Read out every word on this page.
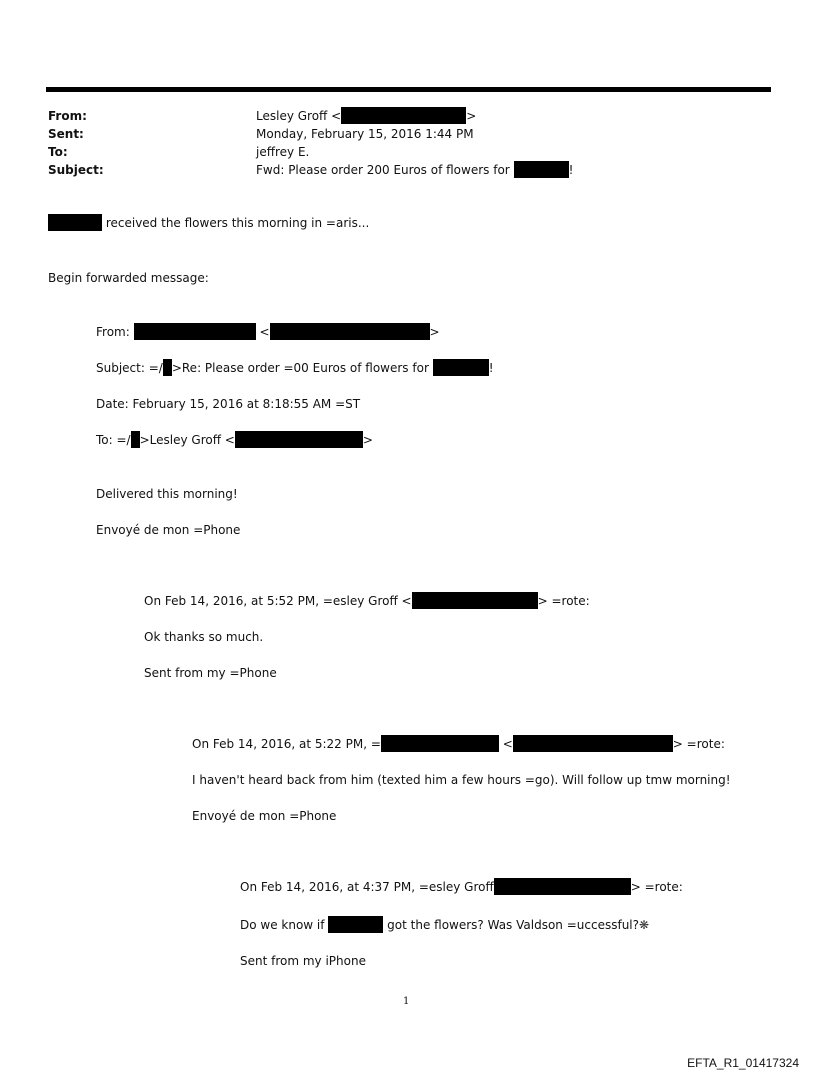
From:	Lesley Groff <	>
Sent:	Monday, February 15, 2016 1:44 PM
To:	jeffrey E.
Subject:	Fwd: Please order 200 Euros of flowers for	!
received the flowers this morning in =aris...
Begin forwarded message:
From:	<	>
Subject: =/ >Re: Please order =00 Euros of flowers for	!
Date: February 15, 2016 at 8:18:55 AM =ST
To: =/ >Lesley Groff <	>
Delivered this morning!
Envoyé de mon =Phone
On Feb 14, 2016, at 5:52 PM, =esley Groff <	> =rote:
Ok thanks so much.
Sent from my =Phone
On Feb 14, 2016, at 5:22 PM, =	<	> =rote:
I haven't heard back from him (texted him a few hours =go). Will follow up tmw morning!
Envoyé de mon =Phone
On Feb 14, 2016, at 4:37 PM, =esley Groff	> =rote:
Do we know if	got the flowers? Was Valdson =uccessful?❋
Sent from my iPhone
1
EFTA_R1_01417324
